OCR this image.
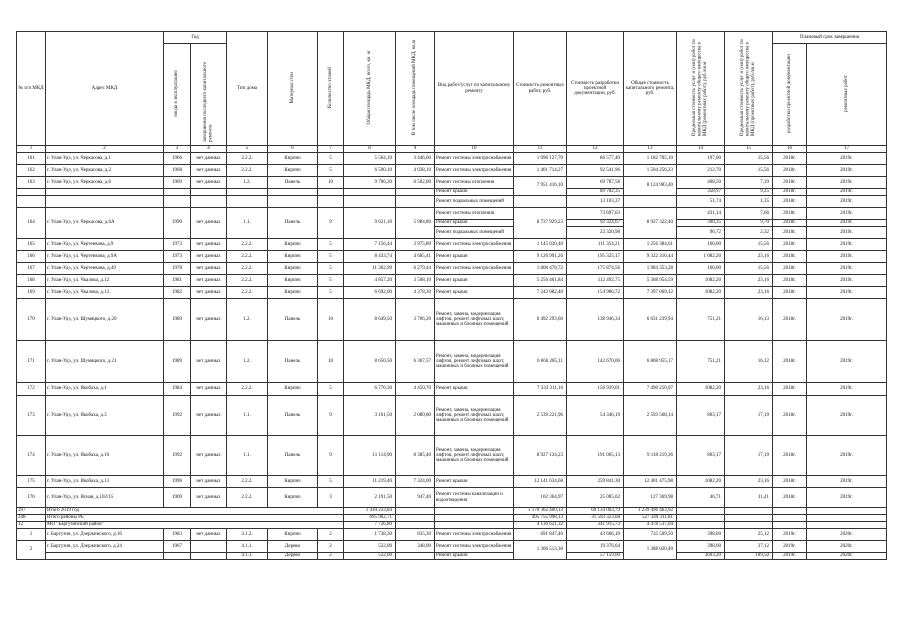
№ п/п МКД	Адрес МКД	Год		Тип дома	Материал стен	Количество этажей	Общая площадь МКД, всего, кв. м	В том числе площадь помещений МКД, кв.м	Вид работ/услуг по капитальному ремонту	Стоимость ремонтных работ, руб.	Стоимость разработки проектной документации, руб.	Общая стоимость капитального ремонта, руб.	Предельная стоимость услуг и (или) работ по капитальному ремонту общего имущества в МКД (ремонтных работ), руб./кв.м	Предельная стоимость услуг и (или) работ по капитальному ремонту общего имущества в МКД (проектных работ), руб./кв.м	Плановый срок завершения	
		ввода в эксплуатацию	завершения последнего капитального ремонта												разработки проектной документации	ремонтных работ
1	2	3	4	5	6	7	8	9	10	11	12	13	14	15	16	17
161	г. Улан-Удэ, ул. Черкасова, д.1	1966	нет данных	2.2.2.	Кирпич	5	5 564,10	3 446,00	Ремонт системы электроснабжения	1 096 127,70	86 577,40	1 182 705,10	197,00	15,56	2018г.	2019г.
162	г. Улан-Удэ, ул. Черкасова, д.2	1968	нет данных	2.2.2.	Кирпич	5	6 590,10	4 038,10	Ремонт системы электроснабжения	1 401 714,27	92 541,96	1 504 256,23	212,70	15,56	2018г.	2019г.
163	г. Улан-Удэ, ул. Черкасова, д.6	1969	нет данных	1.2.	Панель	10	9 706,20	6 502,00	Ремонт системы отопления	7 951 416,10	69 787,58	8 124 983,40	408,50	7,19	2018г.	2019г.
									Ремонт крыши		89 782,35		358,97	9,25	2018г.	2019г.
									Ремонт подвальных помещений		13 103,37		51,74	1,35	2018г.	2019г.
164	г. Улан-Удэ, ул. Черкасова, д.6А	1990	нет данных	1.1.	Панель	9	9 621,10	5 984,80	Ремонт системы отопления	8 737 929,23	73 697,63	8 927 322,40	431,14	7,66	2018г.	2019г.
									Ремонт крыши		93 324,67		390,35	9,70	2018г.	2019г.
									Ремонт подвальных помещений		22 320,98		96,72	2,32	2018г.	2019г.
165	г. Улан-Удэ, ул. Чертенкова, д.9	1973	нет данных	2.2.2.	Кирпич	5	7 156,44	3 975,80	Ремонт системы электроснабжения	1 145 030,40	111 354,21	1 256 384,61	160,00	15,56	2018г.	2019г.
166	г. Улан-Удэ, ул. Чертенкова, д.9А	1973	нет данных	2.2.2.	Кирпич	5	8 433,74	4 685,41	Ремонт крыши	9 126 991,26	195 325,17	9 322 316,44	1 082,20	23,16	2018г.	2019г.
167	г. Улан-Удэ, ул. Чертенкова, д.49	1978	нет данных	2.2.2.	Кирпич	5	11 302,99	6 279,44	Ремонт системы электроснабжения	1 808 478,72	175 874,56	1 984 353,28	160,00	15,56	2018г.	2019г.
168	г. Улан-Удэ, ул. Чкалова, д.12	1981	нет данных	2.2.2.	Кирпич	5	4 857,20	3 508,10	Ремонт крыши	5 256 461,84	112 492,75	5 368 954,59	1082,20	23,16	2018г.	2019г.
169	г. Улан-Удэ, ул. Чкалова, д.13	1982	нет данных	2.2.2.	Кирпич	5	6 692,00	4 378,30	Ремонт крыши	7 242 082,40	154 986,72	7 397 069,12	1082,20	23,16	2018г.	2019г.
170	г. Улан-Удэ, ул. Шумяцкого, д.20	1989	нет данных	1.2.	Панель	10	8 649,50	3 706,20	Ремонт, замена, модернизация лифтов, ремонт лифтовых шахт, машинных и блочных помещений	6 492 293,60	138 946,34	6 631 239,94	751,21	16,13	2018г.	2019г.
171	г. Улан-Удэ, ул. Шумяцкого, д.21	1989	нет данных	1.2.	Панель	10	8 650,50	6 367,57	Ремонт, замена, модернизация лифтов, ремонт лифтовых шахт, машинных и блочных помещений	6 666 285,11	142 670,06	6 808 955,17	751,21	16,12	2018г.	2019г.
172	г. Улан-Удэ, ул. Якобаха, д.1	1984	нет данных	2.2.2.	Кирпич	5	6 776,30	4 450,70	Ремонт крыши	7 333 311,16	156 939,01	7 490 250,97	1082,20	23,16	2018г.	2019г.
173	г. Улан-Удэ, ул. Якобаха, д.3	1992	нет данных	1.1.	Панель	9	3 161,50	2 080,80	Ремонт, замена, модернизация лифтов, ремонт лифтовых шахт, машинных и блочных помещений	2 539 221,96	54 346,19	2 593 568,14	803,17	17,19	2018г.	2019г.
174	г. Улан-Удэ, ул. Якобаха, д.10	1992	нет данных	1.1.	Панель	9	11 114,90	8 385,40	Ремонт, замена, модернизация лифтов, ремонт лифтовых шахт, машинных и блочных помещений	8 927 134,23	191 065,13	9 118 219,36	803,17	17,19	2018г.	2019г.
175	г. Улан-Удэ, ул. Якобаха, д.13	1996	нет данных	2.2.2.	Кирпич	5	11 219,40	7 324,00	Ремонт крыши	12 141 634,68	259 841,30	12 401 475,98	1082,20	23,16	2018г.	2019г.
176	г. Улан-Удэ, ул. Ясная, д.102/15	1969	нет данных	2.2.2.	Кирпич	3	2 191,50	947,40	Ремонт системы канализации и водоотведения	102 364,97	25 005,02	127 369,98	46,71	11,41	2018г.	2019г.
397	Итого 2019 год						1 410 233,84			1 170 362 400,13	69 134 063,79	1 239 496 463,92				
248	Итого районы РБ						695 962,71			495 755 998,13	31 593 323,68	527 349 311,81				
12	МО "Баргузинский район"						7 726,80			4 136 621,32	341 915,73	4 478 537,04				
1	г. Баргузин, ул. Дзержинского, д.16	1983	нет данных	3.1.2.	Кирпич	2	1 738,30	835,30	Ремонт системы электроснабжения	691 847,40	43 666,10	735 509,50	398,00	25,12	2019г.	2020г.
2	г. Баргузин, ул. Дзержинского, д.24	1967		4.1.1.	Дерево	2	522,00	348,00	Ремонт системы электроснабжения	1 306 513,30	19 376,64	1 388 020,40	398,00	37,12	2019г.	2020г.
				4.1.1.	Дерево	2	522,00		Ремонт крыши		57 159,00		3603,20	109,50	2019г.	2020г.
